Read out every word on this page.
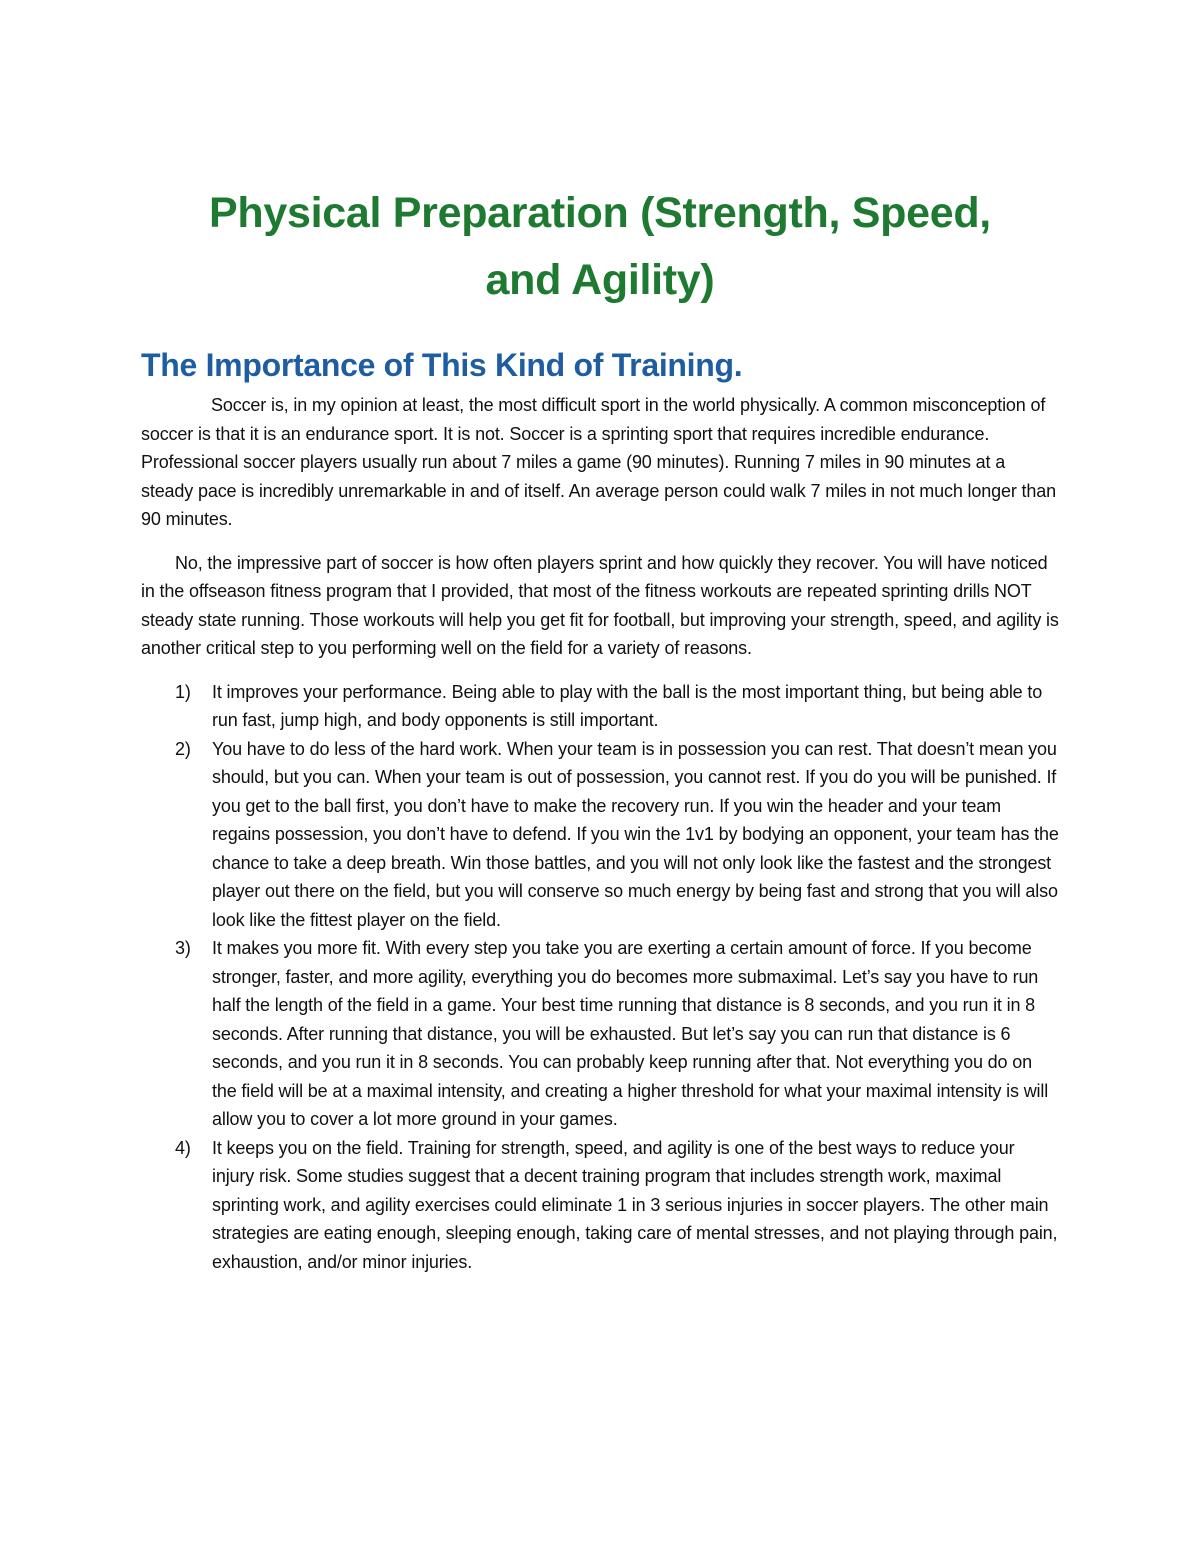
Physical Preparation (Strength, Speed,
and Agility)
The Importance of This Kind of Training.

Soccer is, in my opinion at least, the most difficult sport in the world physically. A common misconception of soccer is that it is an endurance sport. It is not. Soccer is a sprinting sport that requires incredible endurance. Professional soccer players usually run about 7 miles a game (90 minutes). Running 7 miles in 90 minutes at a steady pace is incredibly unremarkable in and of itself. An average person could walk 7 miles in not much longer than 90 minutes.

No, the impressive part of soccer is how often players sprint and how quickly they recover. You will have noticed in the offseason fitness program that I provided, that most of the fitness workouts are repeated sprinting drills NOT steady state running. Those workouts will help you get fit for football, but improving your strength, speed, and agility is another critical step to you performing well on the field for a variety of reasons.

1) It improves your performance. Being able to play with the ball is the most important thing, but being able to run fast, jump high, and body opponents is still important.
2) You have to do less of the hard work. When your team is in possession you can rest. That doesn’t mean you should, but you can. When your team is out of possession, you cannot rest. If you do you will be punished. If you get to the ball first, you don’t have to make the recovery run. If you win the header and your team regains possession, you don’t have to defend. If you win the 1v1 by bodying an opponent, your team has the chance to take a deep breath. Win those battles, and you will not only look like the fastest and the strongest player out there on the field, but you will conserve so much energy by being fast and strong that you will also look like the fittest player on the field.
3) It makes you more fit. With every step you take you are exerting a certain amount of force. If you become stronger, faster, and more agility, everything you do becomes more submaximal. Let’s say you have to run half the length of the field in a game. Your best time running that distance is 8 seconds, and you run it in 8 seconds. After running that distance, you will be exhausted. But let’s say you can run that distance is 6 seconds, and you run it in 8 seconds. You can probably keep running after that. Not everything you do on the field will be at a maximal intensity, and creating a higher threshold for what your maximal intensity is will allow you to cover a lot more ground in your games.
4) It keeps you on the field. Training for strength, speed, and agility is one of the best ways to reduce your injury risk. Some studies suggest that a decent training program that includes strength work, maximal sprinting work, and agility exercises could eliminate 1 in 3 serious injuries in soccer players. The other main strategies are eating enough, sleeping enough, taking care of mental stresses, and not playing through pain, exhaustion, and/or minor injuries.
